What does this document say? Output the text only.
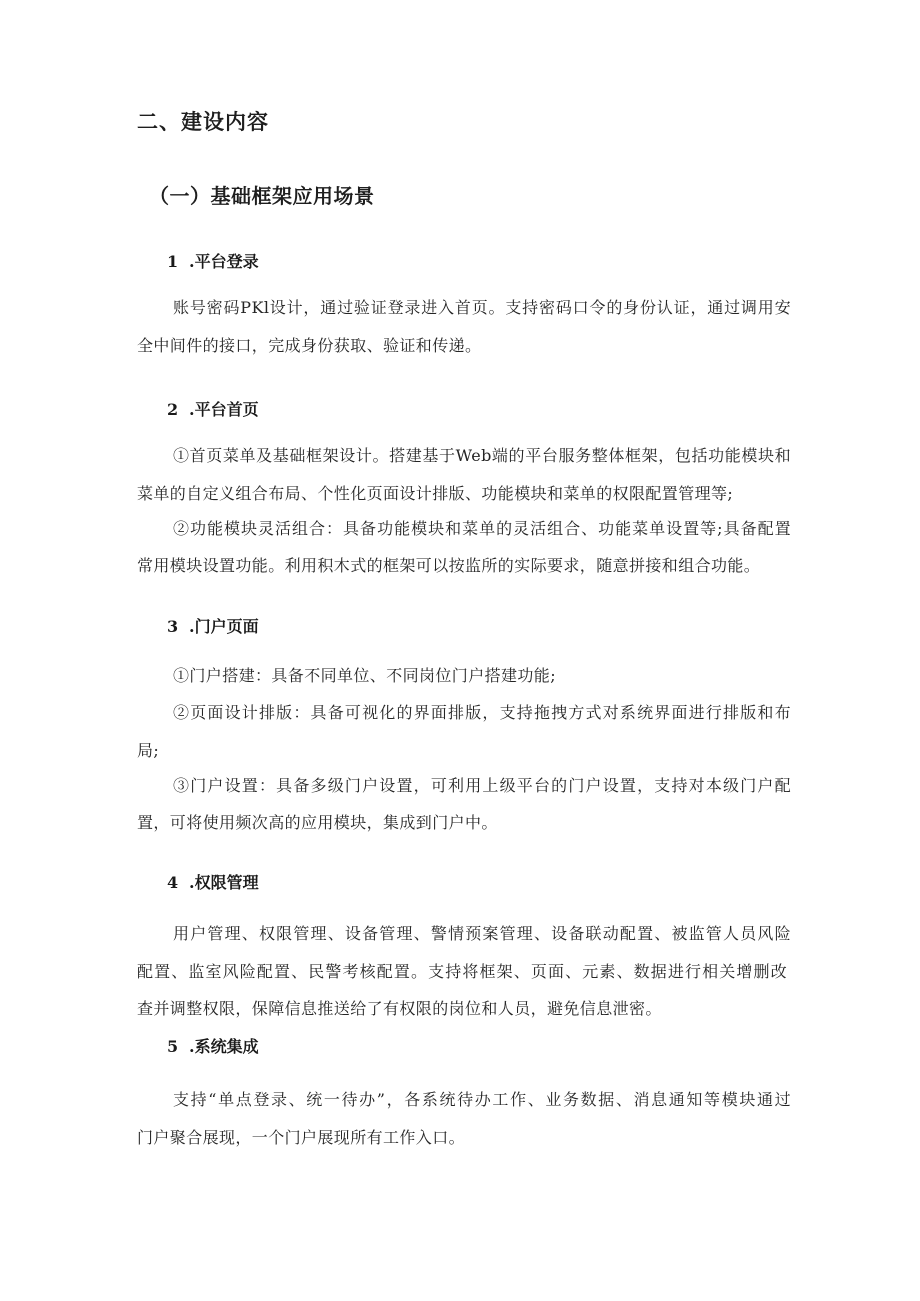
二、建设内容
（一）基础框架应用场景
1 .平台登录

账号密码PKl设计，通过验证登录进入首页。支持密码口令的身份认证，通过调用安

全中间件的接口，完成身份获取、验证和传递。

2 .平台首页

①首页菜单及基础框架设计。搭建基于Web端的平台服务整体框架，包括功能模块和

菜单的自定义组合布局、个性化页面设计排版、功能模块和菜单的权限配置管理等;

②功能模块灵活组合：具备功能模块和菜单的灵活组合、功能菜单设置等;具备配置

常用模块设置功能。利用积木式的框架可以按监所的实际要求，随意拼接和组合功能。

3 .门户页面

①门户搭建：具备不同单位、不同岗位门户搭建功能;

②页面设计排版：具备可视化的界面排版，支持拖拽方式对系统界面进行排版和布

局;

③门户设置：具备多级门户设置，可利用上级平台的门户设置，支持对本级门户配

置，可将使用频次高的应用模块，集成到门户中。

4 .权限管理

用户管理、权限管理、设备管理、警情预案管理、设备联动配置、被监管人员风险

配置、监室风险配置、民警考核配置。支持将框架、页面、元素、数据进行相关增删改

查并调整权限，保障信息推送给了有权限的岗位和人员，避免信息泄密。

5 .系统集成

支持“单点登录、统一待办”，各系统待办工作、业务数据、消息通知等模块通过

门户聚合展现，一个门户展现所有工作入口。
